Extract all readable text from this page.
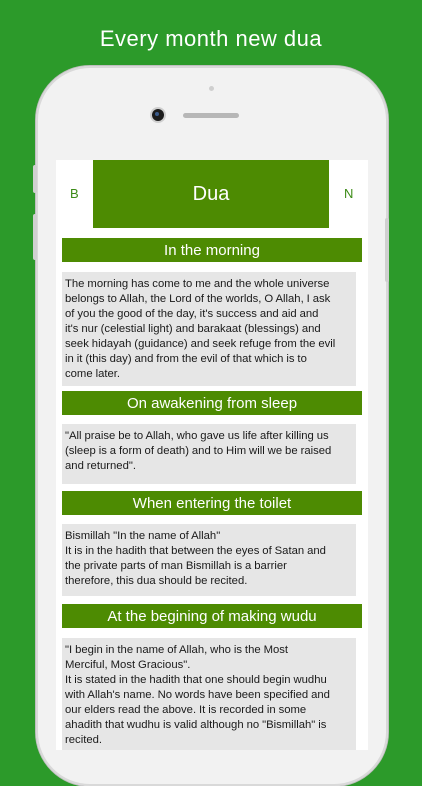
Every month new dua
B	Dua	N
In the morning
The morning has come to me and the whole universe
belongs to Allah, the Lord of the worlds, O Allah, I ask
of you the good of the day, it's success and aid and
it's nur (celestial light) and barakaat (blessings) and
seek hidayah (guidance) and seek refuge from the evil
in it (this day) and from the evil of that which is to
come later.
On awakening from sleep
"All praise be to Allah, who gave us life after killing us
(sleep is a form of death) and to Him will we be raised
and returned".
When entering the toilet
Bismillah "In the name of Allah"
It is in the hadith that between the eyes of Satan and
the private parts of man Bismillah is a barrier
therefore, this dua should be recited.
At the begining of making wudu
"I begin in the name of Allah, who is the Most
Merciful, Most Gracious".
It is stated in the hadith that one should begin wudhu
with Allah's name. No words have been specified and
our elders read the above. It is recorded in some
ahadith that wudhu is valid although no "Bismillah" is
recited.
